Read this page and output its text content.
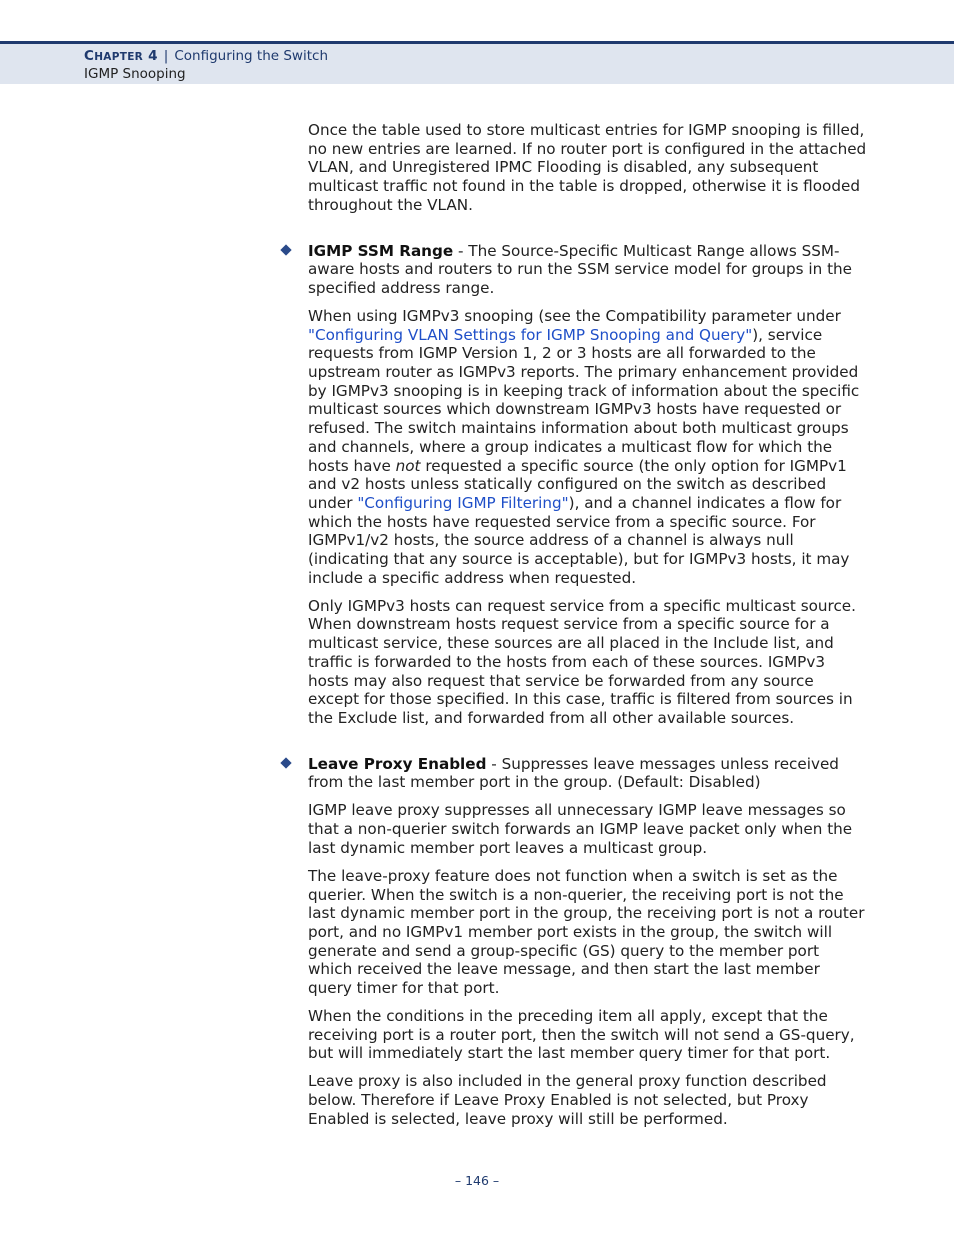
CHAPTER 4 | Configuring the Switch
IGMP Snooping

Once the table used to store multicast entries for IGMP snooping is filled, no new entries are learned. If no router port is configured in the attached VLAN, and Unregistered IPMC Flooding is disabled, any subsequent multicast traffic not found in the table is dropped, otherwise it is flooded throughout the VLAN.

IGMP SSM Range - The Source-Specific Multicast Range allows SSM-aware hosts and routers to run the SSM service model for groups in the specified address range.

When using IGMPv3 snooping (see the Compatibility parameter under "Configuring VLAN Settings for IGMP Snooping and Query"), service requests from IGMP Version 1, 2 or 3 hosts are all forwarded to the upstream router as IGMPv3 reports. The primary enhancement provided by IGMPv3 snooping is in keeping track of information about the specific multicast sources which downstream IGMPv3 hosts have requested or refused. The switch maintains information about both multicast groups and channels, where a group indicates a multicast flow for which the hosts have not requested a specific source (the only option for IGMPv1 and v2 hosts unless statically configured on the switch as described under "Configuring IGMP Filtering"), and a channel indicates a flow for which the hosts have requested service from a specific source. For IGMPv1/v2 hosts, the source address of a channel is always null (indicating that any source is acceptable), but for IGMPv3 hosts, it may include a specific address when requested.

Only IGMPv3 hosts can request service from a specific multicast source. When downstream hosts request service from a specific source for a multicast service, these sources are all placed in the Include list, and traffic is forwarded to the hosts from each of these sources. IGMPv3 hosts may also request that service be forwarded from any source except for those specified. In this case, traffic is filtered from sources in the Exclude list, and forwarded from all other available sources.

Leave Proxy Enabled - Suppresses leave messages unless received from the last member port in the group. (Default: Disabled)

IGMP leave proxy suppresses all unnecessary IGMP leave messages so that a non-querier switch forwards an IGMP leave packet only when the last dynamic member port leaves a multicast group.

The leave-proxy feature does not function when a switch is set as the querier. When the switch is a non-querier, the receiving port is not the last dynamic member port in the group, the receiving port is not a router port, and no IGMPv1 member port exists in the group, the switch will generate and send a group-specific (GS) query to the member port which received the leave message, and then start the last member query timer for that port.

When the conditions in the preceding item all apply, except that the receiving port is a router port, then the switch will not send a GS-query, but will immediately start the last member query timer for that port.

Leave proxy is also included in the general proxy function described below. Therefore if Leave Proxy Enabled is not selected, but Proxy Enabled is selected, leave proxy will still be performed.

– 146 –
